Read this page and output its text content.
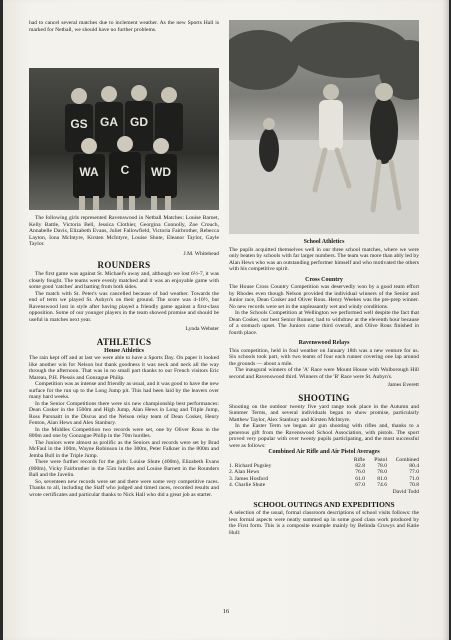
had to cancel several matches due to inclement weather. As the new Sports Hall is marked for Netball, we should have no further problems.

GS GA GD
WA C WD

The following girls represented Ravenswood in Netball Matches: Louise Barnet, Kelly Battle, Victoria Bell, Jessica Clothier, Georgina Connolly, Zoe Crouch, Annabelle Davis, Elizabeth Evans, Juliet Fallowfield, Victoria Fairbrother, Rebecca Layton, Iona McIntyre, Kirsten McIntyre, Louise Shute, Eleanor Taylor, Gayle Taylor.

J.M. Whitehead

ROUNDERS

The first game was against St. Michael's away and, although we lost 6½-7, it was closely fought. The teams were evenly matched and it was an enjoyable game with some good 'catches' and batting from both sides.

The match with St. Peter's was cancelled because of bad weather. Towards the end of term we played St. Aubyn's on their ground. The score was 4-10½, but Ravenswood lost in style after having played a friendly game against a first-class opposition. Some of our younger players in the team showed promise and should be useful in matches next year.

Lynda Webster

ATHLETICS
House Athletics

The rain kept off and at last we were able to have a Sports Day. On paper it looked like another win for Nelson but thank goodness it was neck and neck all the way through the afternoon. That was in no small part thanks to our French visitors Eric Mareau, P.H. Plessis and Gonzague Philip.

Competition was as intense and friendly as usual, and it was good to have the new surface for the run up to the Long Jump pit. This had been laid by the leavers over many hard weeks.

In the Senior Competitions there were six new championship best performances: Dean Cosker in the 1500m and High Jump, Alan Hews in Long and Triple Jump, Ross Pursnaitt in the Discus and the Nelson relay team of Dean Cosker, Henry Fenton, Alan Hews and Alex Stanbury.

In the Middles Competition two records were set, one by Oliver Rous in the 800m and one by Gonzague Philip in the 70m hurdles.

The Juniors were almost as prolific as the Seniors and records were set by Brad McFaul in the 100m, Wayne Robinson in the 300m, Peter Falkner in the 800m and Jemba Bull in the Triple Jump.

There were further records for the girls: Louise Shute (400m), Elizabeth Evans (800m), Vicky Fairbrother in the 55m hurdles and Louise Barnett in the Rounders Ball and the Javelin.

So, seventeen new records were set and there were some very competitive races. Thanks to all, including the Staff who judged and timed races, recorded results and wrote certificates and particular thanks to Nick Hall who did a great job as starter.

School Athletics

The pupils acquitted themselves well in our three school matches, where we were only beaten by schools with far larger numbers. The team was more than ably led by Alan Hews who was an outstanding performer himself and who motivated the others with his competitive spirit.

Cross Country

The House Cross Country Competition was deservedly won by a good team effort by Rhodes even though Nelson provided the individual winners of the Senior and Junior race, Dean Cosker and Oliver Rous. Henry Weekes was the pre-prep winner. No new records were set in the unpleasantly wet and windy conditions.

In the Schools Competition at Wellington we performed well despite the fact that Dean Cosker, our best Senior Runner, had to withdraw at the eleventh hour because of a stomach upset. The Juniors came third overall, and Olive Rous finished in fourth place.

Ravenswood Relays

This competition, held in foul weather on January 18th was a new venture for us. Six schools took part, with two teams of four each runner covering one lap around the grounds — about a mile.

The inaugural winners of the 'A' Race were Mount House with Wolborough Hill second and Ravenswood third. Winners of the 'B' Race were St. Aubyn's.

James Everett

SHOOTING

Shooting on the outdoor twenty five yard range took place in the Autumn and Summer Terms, and several individuals began to show promise, particularly Matthew Taylor, Alex Stanbury and Kirsten McIntyre.

In the Easter Term we began air gun shooting with rifles and, thanks to a generous gift from the Ravenswood School Association, with pistols. The sport proved very popular with over twenty pupils participating, and the most successful were as follows:

Combined Air Rifle and Air Pistol Averages
	Rifle	Pistol	Combined
1. Richard Pugsley	82.8	78.0	80.4
2. Alan Hews	76.0	78.0	77.0
3. James Hosford	61.0	81.0	71.0
4. Charlie Shute	67.0	74.6	70.8

David Todd

SCHOOL OUTINGS AND EXPEDITIONS

A selection of the usual, formal classroom descriptions of school visits follows: the less formal aspects were neatly summed up in some good class work produced by the First form. This is a composite example mainly by Belinda Cruwys and Katie Hull:

16
